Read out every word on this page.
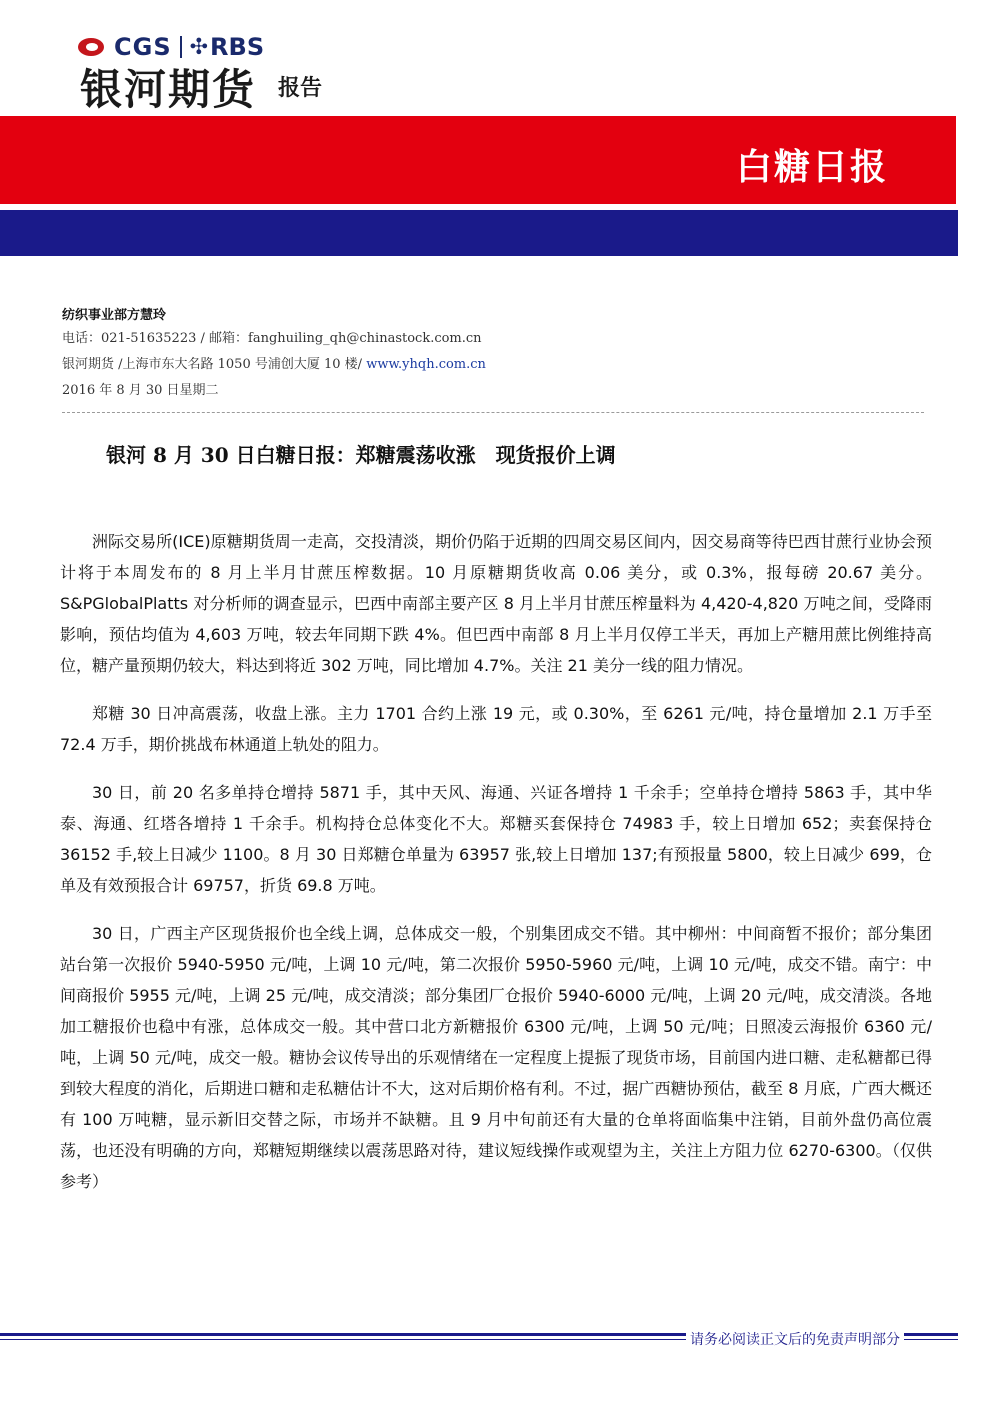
CGS ✣ RBS
银河期货 报告
白糖日报
纺织事业部方慧玲
电话：021-51635223 / 邮箱：fanghuiling_qh@chinastock.com.cn
银河期货 /上海市东大名路 1050 号浦创大厦 10 楼/ www.yhqh.com.cn
2016 年 8 月 30 日星期二
银河 8 月 30 日白糖日报：郑糖震荡收涨　现货报价上调

洲际交易所(ICE)原糖期货周一走高，交投清淡，期价仍陷于近期的四周交易区间内，因交易商等待巴西甘蔗行业协会预计将于本周发布的 8 月上半月甘蔗压榨数据。10 月原糖期货收高 0.06 美分，或 0.3%，报每磅 20.67 美分。S&PGlobalPlatts 对分析师的调查显示，巴西中南部主要产区 8 月上半月甘蔗压榨量料为 4,420-4,820 万吨之间，受降雨影响，预估均值为 4,603 万吨，较去年同期下跌 4%。但巴西中南部 8 月上半月仅停工半天，再加上产糖用蔗比例维持高位，糖产量预期仍较大，料达到将近 302 万吨，同比增加 4.7%。关注 21 美分一线的阻力情况。

郑糖 30 日冲高震荡，收盘上涨。主力 1701 合约上涨 19 元，或 0.30%，至 6261 元/吨，持仓量增加 2.1 万手至 72.4 万手，期价挑战布林通道上轨处的阻力。

30 日，前 20 名多单持仓增持 5871 手，其中天风、海通、兴证各增持 1 千余手；空单持仓增持 5863 手，其中华泰、海通、红塔各增持 1 千余手。机构持仓总体变化不大。郑糖买套保持仓 74983 手，较上日增加 652；卖套保持仓 36152 手,较上日减少 1100。8 月 30 日郑糖仓单量为 63957 张,较上日增加 137;有预报量 5800，较上日减少 699，仓单及有效预报合计 69757，折货 69.8 万吨。

30 日，广西主产区现货报价也全线上调，总体成交一般，个别集团成交不错。其中柳州：中间商暂不报价；部分集团站台第一次报价 5940-5950 元/吨，上调 10 元/吨，第二次报价 5950-5960 元/吨，上调 10 元/吨，成交不错。南宁：中间商报价 5955 元/吨，上调 25 元/吨，成交清淡；部分集团厂仓报价 5940-6000 元/吨，上调 20 元/吨，成交清淡。各地加工糖报价也稳中有涨，总体成交一般。其中营口北方新糖报价 6300 元/吨，上调 50 元/吨；日照凌云海报价 6360 元/吨，上调 50 元/吨，成交一般。糖协会议传导出的乐观情绪在一定程度上提振了现货市场，目前国内进口糖、走私糖都已得到较大程度的消化，后期进口糖和走私糖估计不大，这对后期价格有利。不过，据广西糖协预估，截至 8 月底，广西大概还有 100 万吨糖，显示新旧交替之际，市场并不缺糖。且 9 月中旬前还有大量的仓单将面临集中注销，目前外盘仍高位震荡，也还没有明确的方向，郑糖短期继续以震荡思路对待，建议短线操作或观望为主，关注上方阻力位 6270-6300。（仅供参考）

请务必阅读正文后的免责声明部分
